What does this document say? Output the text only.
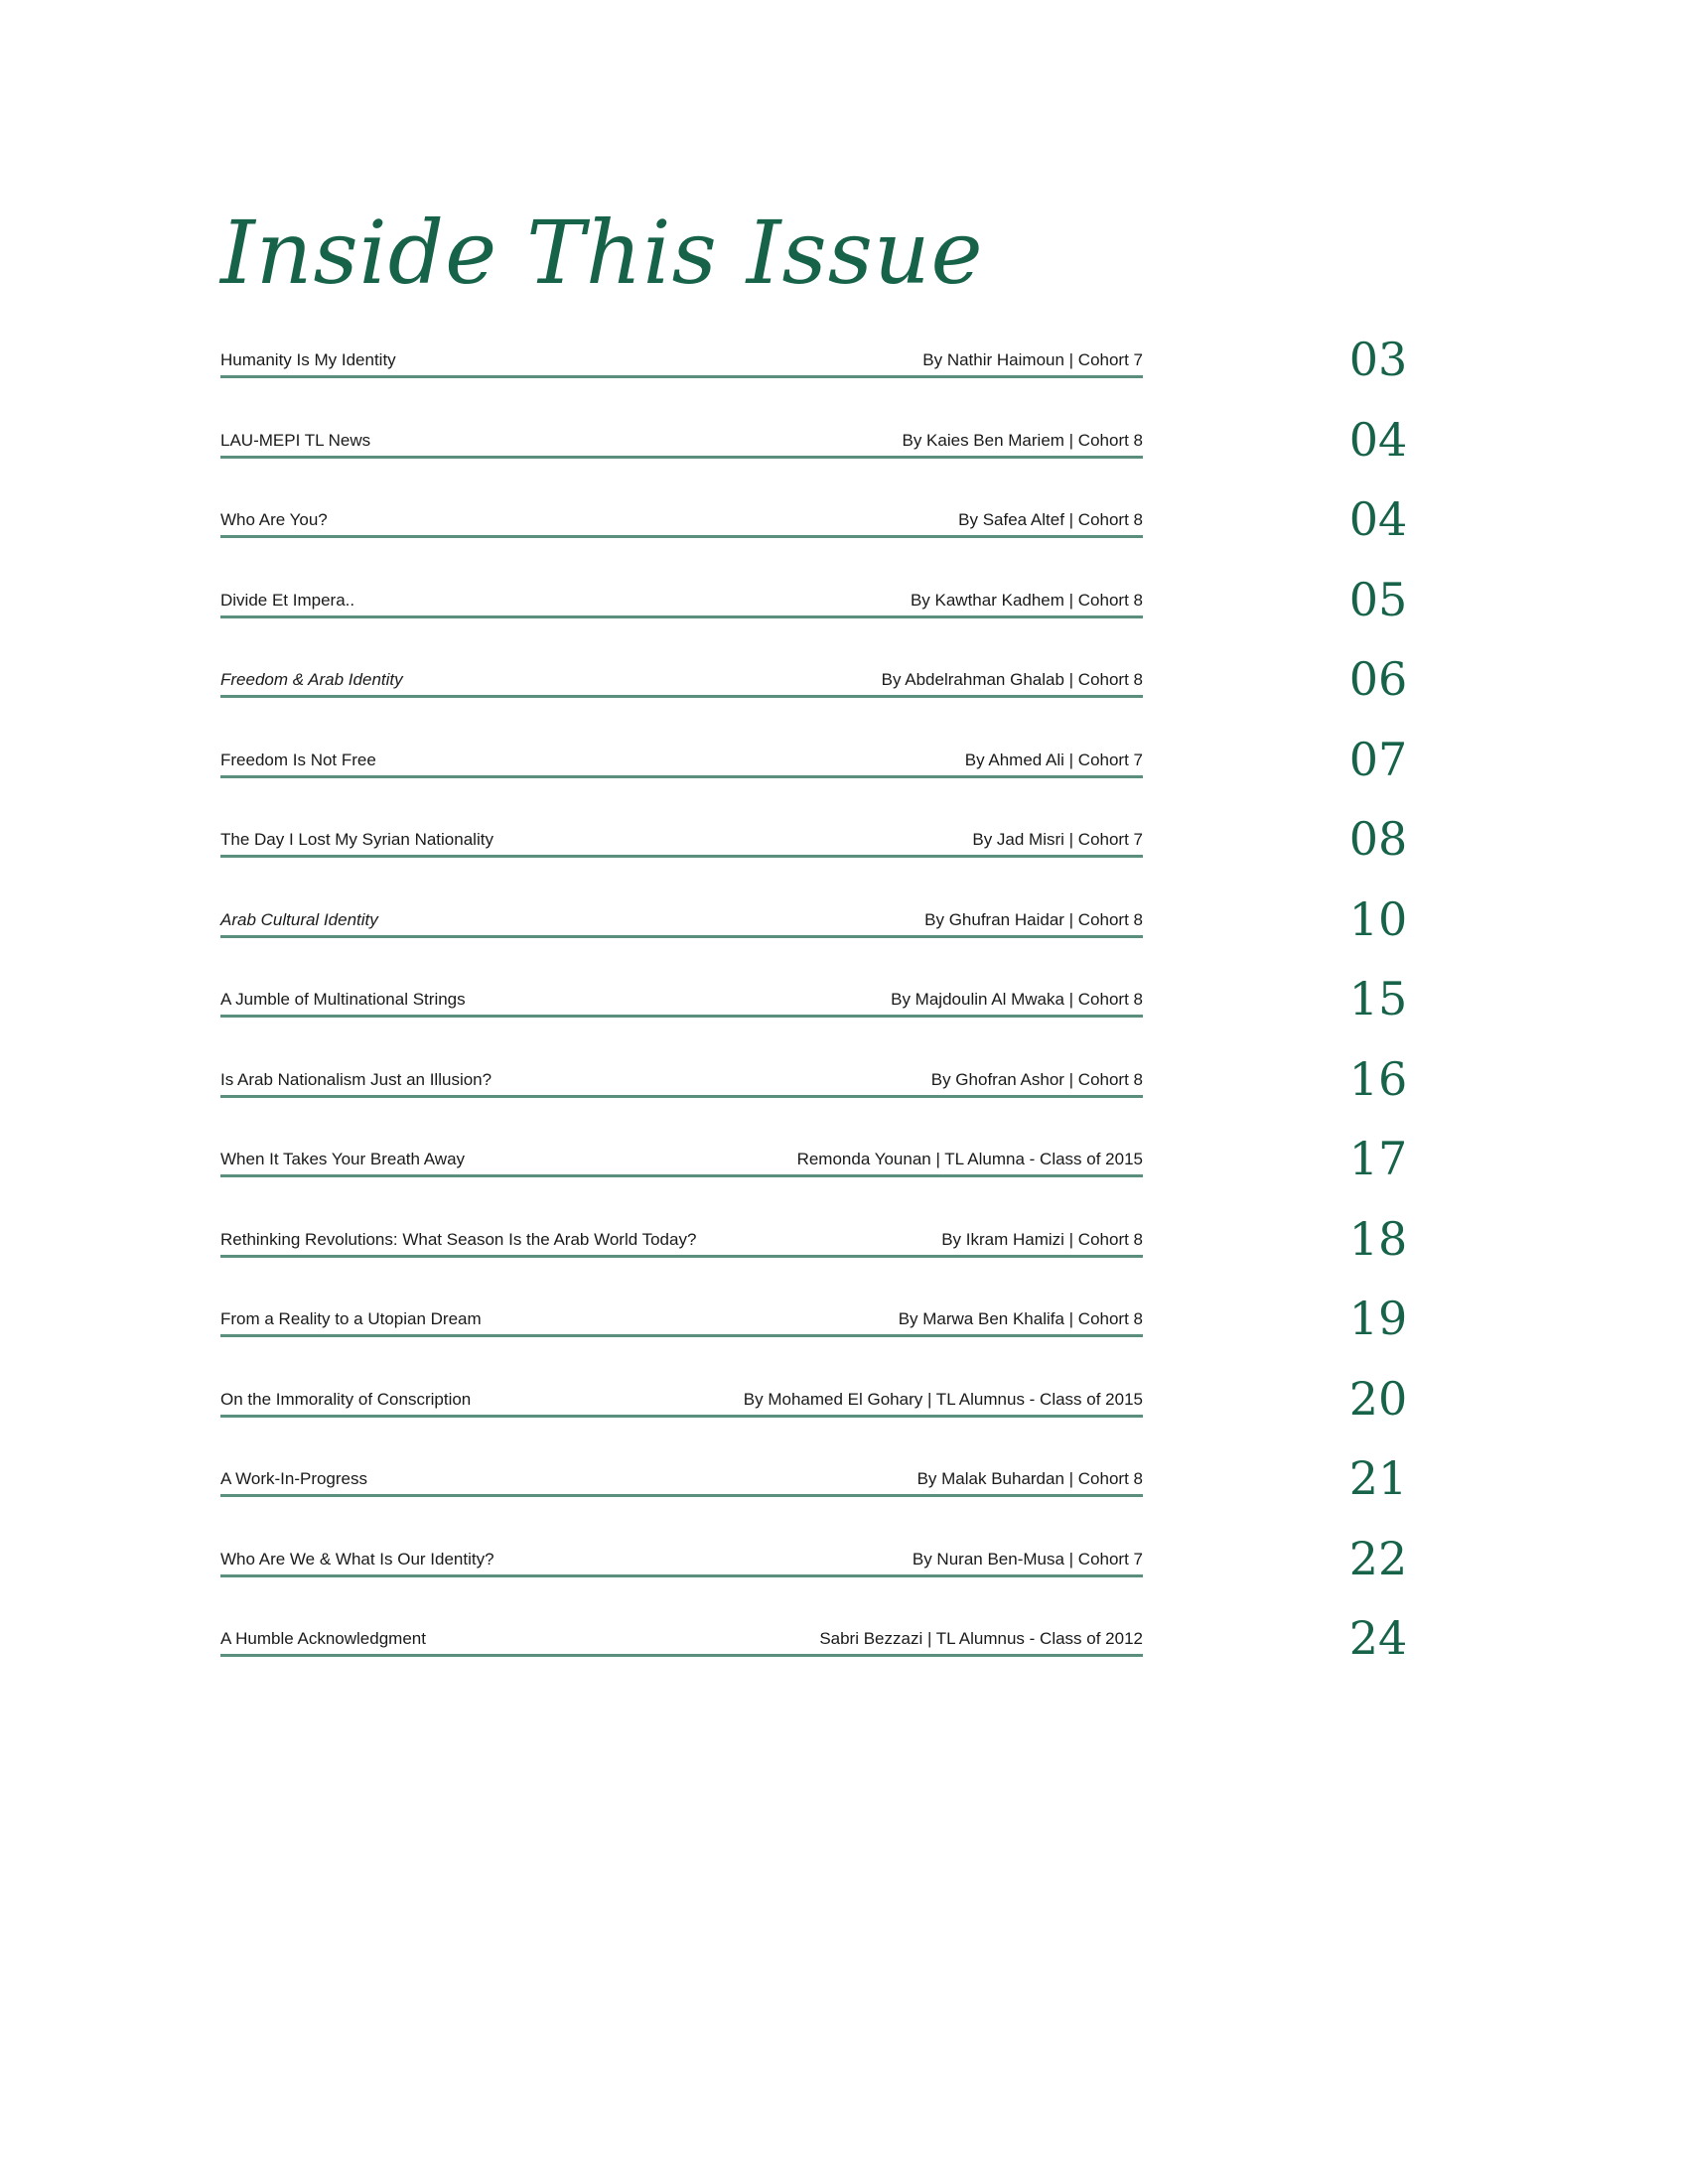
Inside This Issue
Humanity Is My Identity	By Nathir Haimoun | Cohort 7	03
LAU-MEPI TL News	By Kaies Ben Mariem | Cohort 8	04
Who Are You?	By Safea Altef | Cohort 8	04
Divide Et Impera..	By Kawthar Kadhem | Cohort 8	05
Freedom & Arab Identity	By Abdelrahman Ghalab | Cohort 8	06
Freedom Is Not Free	By Ahmed Ali | Cohort 7	07
The Day I Lost My Syrian Nationality	By Jad Misri | Cohort 7	08
Arab Cultural Identity	By Ghufran Haidar | Cohort 8	10
A Jumble of Multinational Strings	By Majdoulin Al Mwaka | Cohort 8	15
Is Arab Nationalism Just an Illusion?	By Ghofran Ashor | Cohort 8	16
When It Takes Your Breath Away	Remonda Younan | TL Alumna - Class of 2015	17
Rethinking Revolutions: What Season Is the Arab World Today?	By Ikram Hamizi | Cohort 8	18
From a Reality to a Utopian Dream	By Marwa Ben Khalifa | Cohort 8	19
On the Immorality of Conscription	By Mohamed El Gohary | TL Alumnus - Class of 2015	20
A Work-In-Progress	By Malak Buhardan | Cohort 8	21
Who Are We & What Is Our Identity?	By Nuran Ben-Musa | Cohort 7	22
A Humble Acknowledgment	Sabri Bezzazi | TL Alumnus - Class of 2012	24
